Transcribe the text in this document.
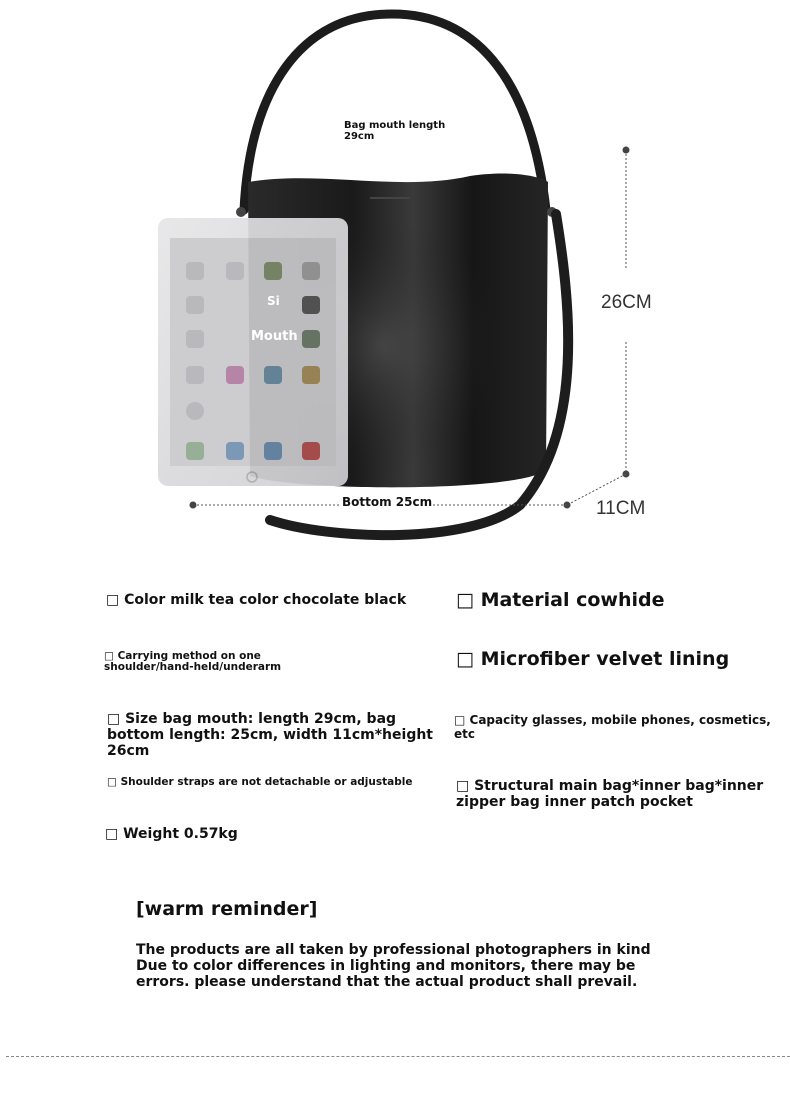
Bag mouth length
29cm
Si
Mouth
26CM
11CM
Bottom 25cm
□ Color milk tea color chocolate black	□ Material cowhide
□ Carrying method on one shoulder/hand-held/underarm	□ Microfiber velvet lining
□ Size bag mouth: length 29cm, bag bottom length: 25cm, width 11cm*height 26cm
□ Capacity glasses, mobile phones, cosmetics, etc
□ Shoulder straps are not detachable or adjustable	□ Structural main bag*inner bag*inner zipper bag inner patch pocket
□ Weight 0.57kg
[warm reminder]
The products are all taken by professional photographers in kind
Due to color differences in lighting and monitors, there may be errors. please understand that the actual product shall prevail.
